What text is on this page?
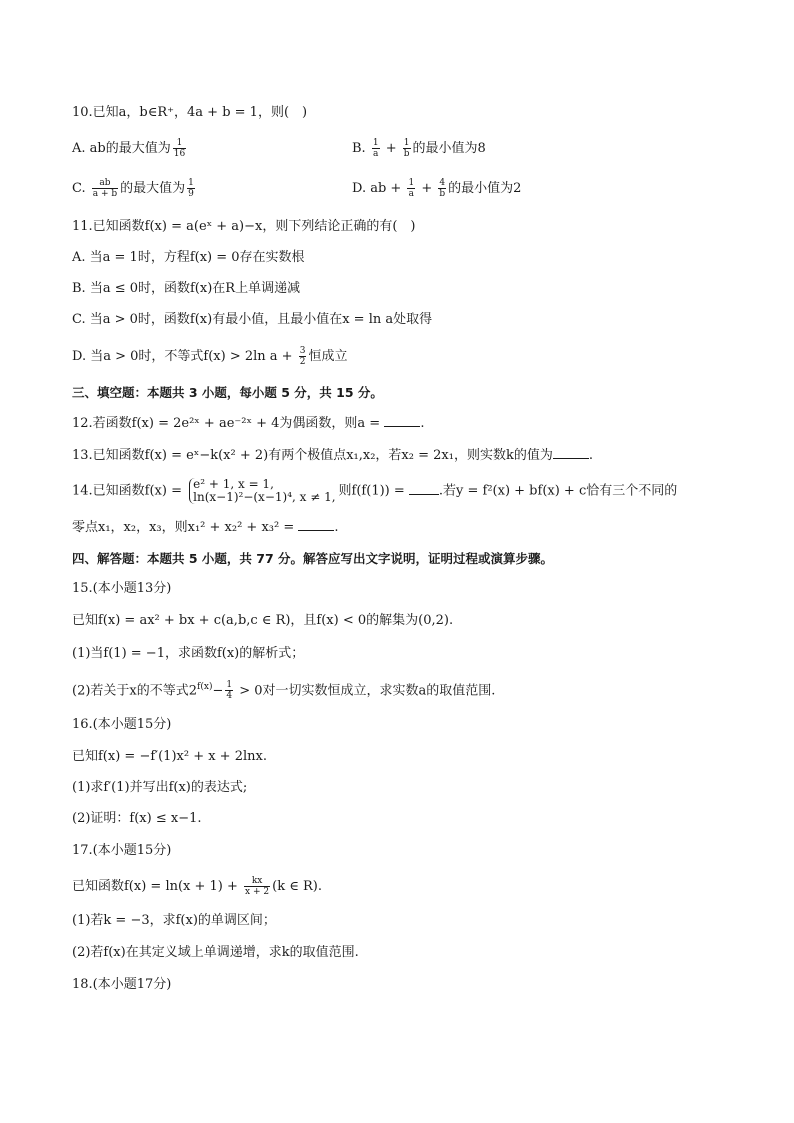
10.已知a，b∈R⁺，4a + b = 1，则(　)
A. ab的最大值为 $\frac{1}{16}$	B. $\frac{1}{a} + \frac{1}{b}$ 的最小值为8
C. $\frac{ab}{a + b}$ 的最大值为 $\frac{1}{9}$	D. ab + $\frac{1}{a} + \frac{4}{b}$ 的最小值为2
11.已知函数f(x) = a(eˣ + a)−x，则下列结论正确的有(　)
A. 当a = 1时，方程f(x) = 0存在实数根
B. 当a ≤ 0时，函数f(x)在R上单调递减
C. 当a > 0时，函数f(x)有最小值，且最小值在x = ln a处取得
D. 当a > 0时，不等式f(x) > 2ln $a + \frac{3}{2}$ 恒成立
三、填空题：本题共 3 小题，每小题 5 分，共 15 分。
12.若函数f(x) = 2e²ˣ + ae⁻²ˣ + 4为偶函数，则a =	.
13.已知函数f(x) = eˣ−k(x² + 2)有两个极值点x₁,x₂，若x₂ = 2x₁，则实数k的值为	.
14.已知函数f(x) = e² + 1, x = 1,
ln(x−1)²−(x−1)⁴, x ≠ 1, 则f(f(1)) = .若y = f²(x) + bf(x) + c恰有三个不同的
零点x₁，x₂，x₃，则x₁² + x₂² + x₃² =	.
四、解答题：本题共 5 小题，共 77 分。解答应写出文字说明，证明过程或演算步骤。
15.(本小题13分)
已知f(x) = ax² + bx + c(a,b,c ∈ R)，且f(x) < 0的解集为(0,2).
(1)当f(1) = −1，求函数f(x)的解析式；
(2)若关于x的不等式$2^{f(x)}- \frac{1}{4} > 0$对一切实数恒成立，求实数a的取值范围.
16.(本小题15分)
已知f(x) = −f′(1)x² + x + 2lnx.
(1)求f′(1)并写出f(x)的表达式;
(2)证明：f(x) ≤ x−1.
17.(本小题15分)
已知函数$f(x) = \ln(x + 1) + \frac{kx}{x + 2} (k$ ∈ R).
(1)若k = −3，求f(x)的单调区间；
(2)若f(x)在其定义域上单调递增，求k的取值范围.
18.(本小题17分)
